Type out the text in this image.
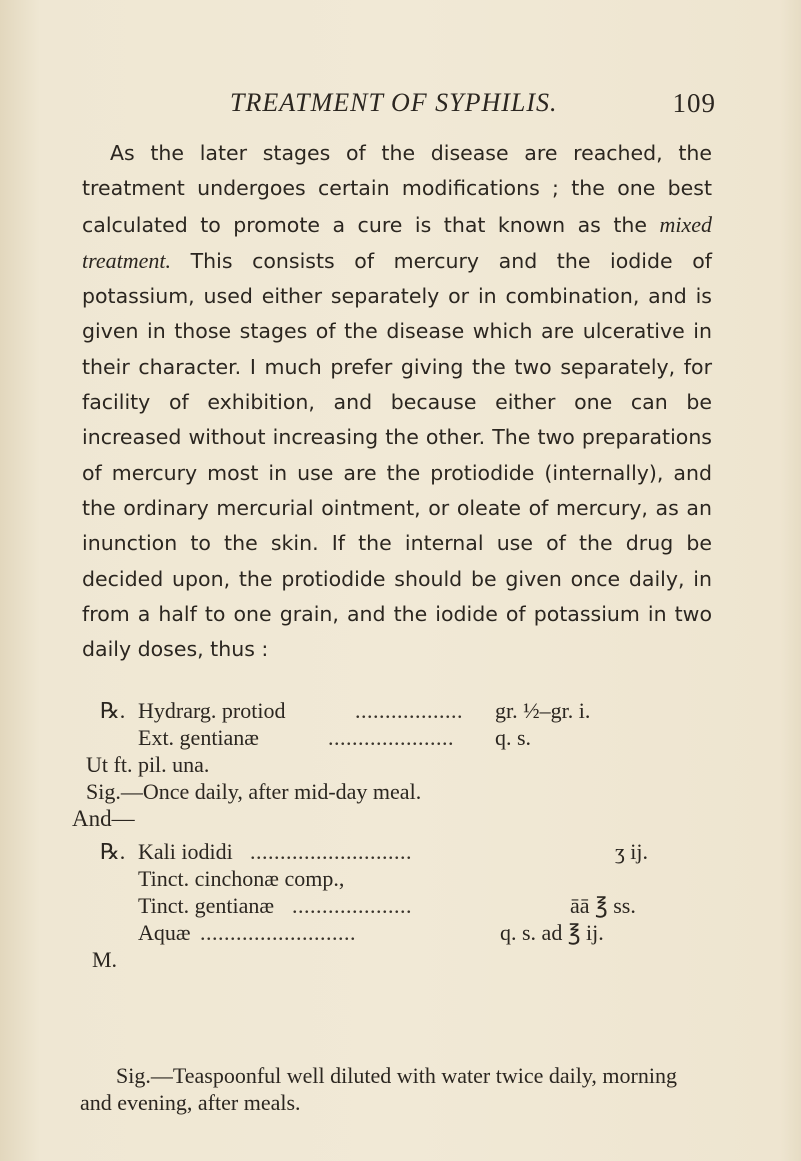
TREATMENT OF SYPHILIS.	109

As the later stages of the disease are reached, the treatment undergoes certain modifications ; the one best calculated to promote a cure is that known as the mixed treatment. This consists of mercury and the iodide of potassium, used either separately or in combination, and is given in those stages of the disease which are ulcerative in their character. I much prefer giving the two separately, for facility of exhibition, and because either one can be increased without increasing the other. The two preparations of mercury most in use are the protiodide (internally), and the ordinary mercurial ointment, or oleate of mercury, as an inunction to the skin. If the internal use of the drug be decided upon, the protiodide should be given once daily, in from a half to one grain, and the iodide of potassium in two daily doses, thus :

℞. Hydrarg. protiod	.................. gr. ½–gr. i.
Ext. gentianæ	..................... q. s.
Ut ft. pil. una.
Sig.—Once daily, after mid-day meal.
And—
℞. Kali iodidi ...........................	ʒ ij.
Tinct. cinchonæ comp.,
Tinct. gentianæ ....................	āā ℥ ss.
Aquæ ..........................	q. s. ad ℥ ij.
M.

Sig.—Teaspoonful well diluted with water twice daily, morning and evening, after meals.
